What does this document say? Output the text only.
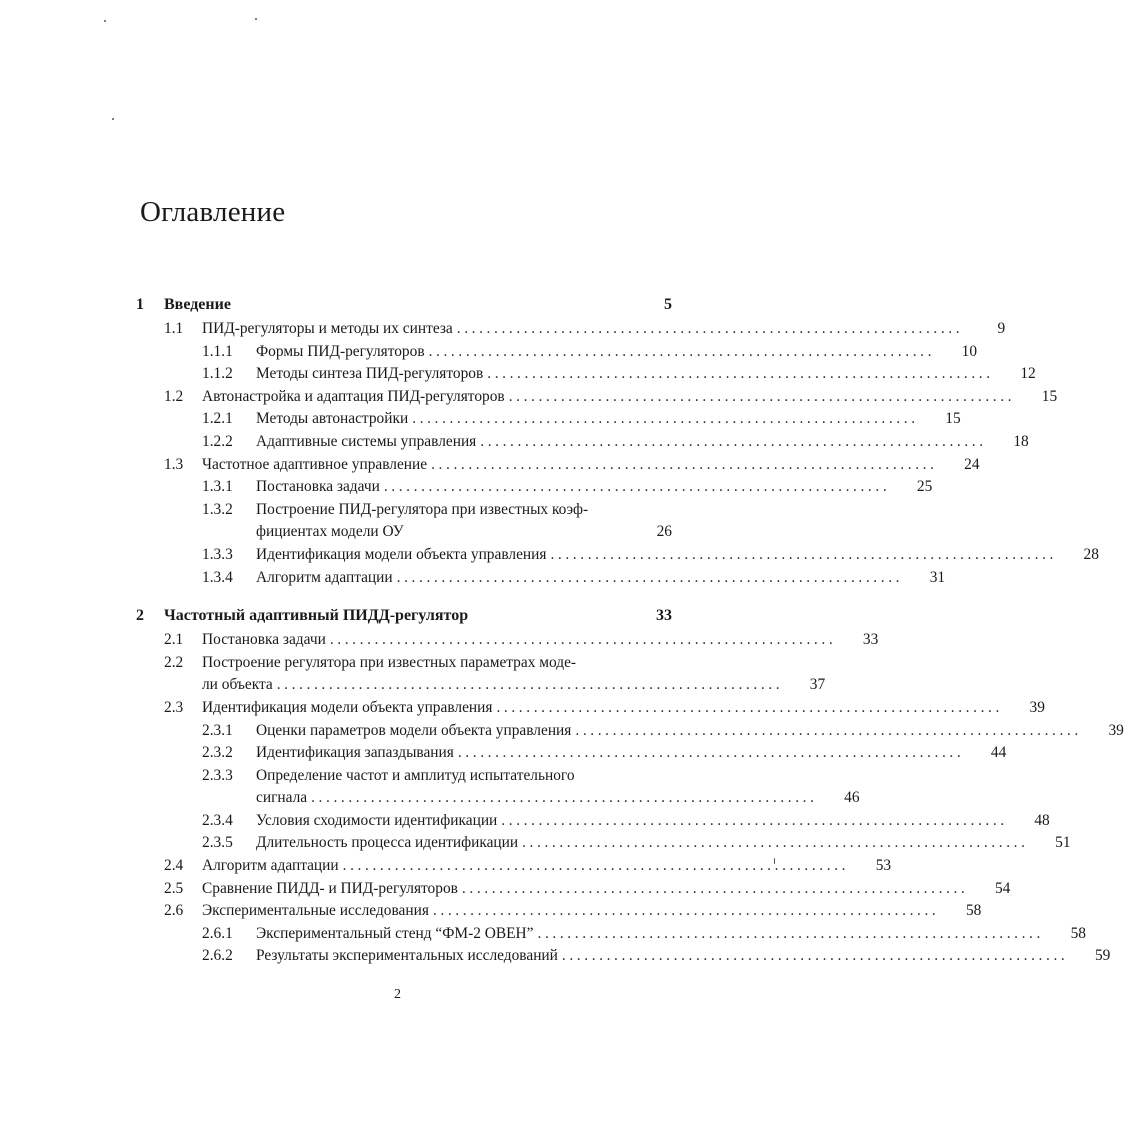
Оглавление
1	Введение	5
1.1	ПИД-регуляторы и методы их синтеза ....................................................................	9
1.1.1	Формы ПИД-регуляторов ....................................................................	10
1.1.2	Методы синтеза ПИД-регуляторов ....................................................................	12
1.2	Автонастройка и адаптация ПИД-регуляторов ....................................................................	15
1.2.1	Методы автонастройки ....................................................................	15
1.2.2	Адаптивные системы управления ....................................................................	18
1.3	Частотное адаптивное управление ....................................................................	24
1.3.1	Постановка задачи ....................................................................	25
1.3.2	Построение ПИД-регулятора при известных коэф-
фициентах модели ОУ	26
1.3.3	Идентификация модели объекта управления ....................................................................	28
1.3.4	Алгоритм адаптации ....................................................................	31
2	Частотный адаптивный ПИДД-регулятор	33
2.1	Постановка задачи ....................................................................	33
2.2	Построение регулятора при известных параметрах моде-
ли объекта ....................................................................	37
2.3	Идентификация модели объекта управления ....................................................................	39
2.3.1	Оценки параметров модели объекта управления ....................................................................	39
2.3.2	Идентификация запаздывания ....................................................................	44
2.3.3	Определение частот и амплитуд испытательного
сигнала ....................................................................	46
2.3.4	Условия сходимости идентификации ....................................................................	48
2.3.5	Длительность процесса идентификации ....................................................................	51
2.4	Алгоритм адаптации ....................................................................	53
2.5	Сравнение ПИДД- и ПИД-регуляторов ....................................................................	54
2.6	Экспериментальные исследования ....................................................................	58
2.6.1	Экспериментальный стенд “ФМ-2 ОВЕН” ....................................................................	58
2.6.2	Результаты экспериментальных исследований ....................................................................	59
2
